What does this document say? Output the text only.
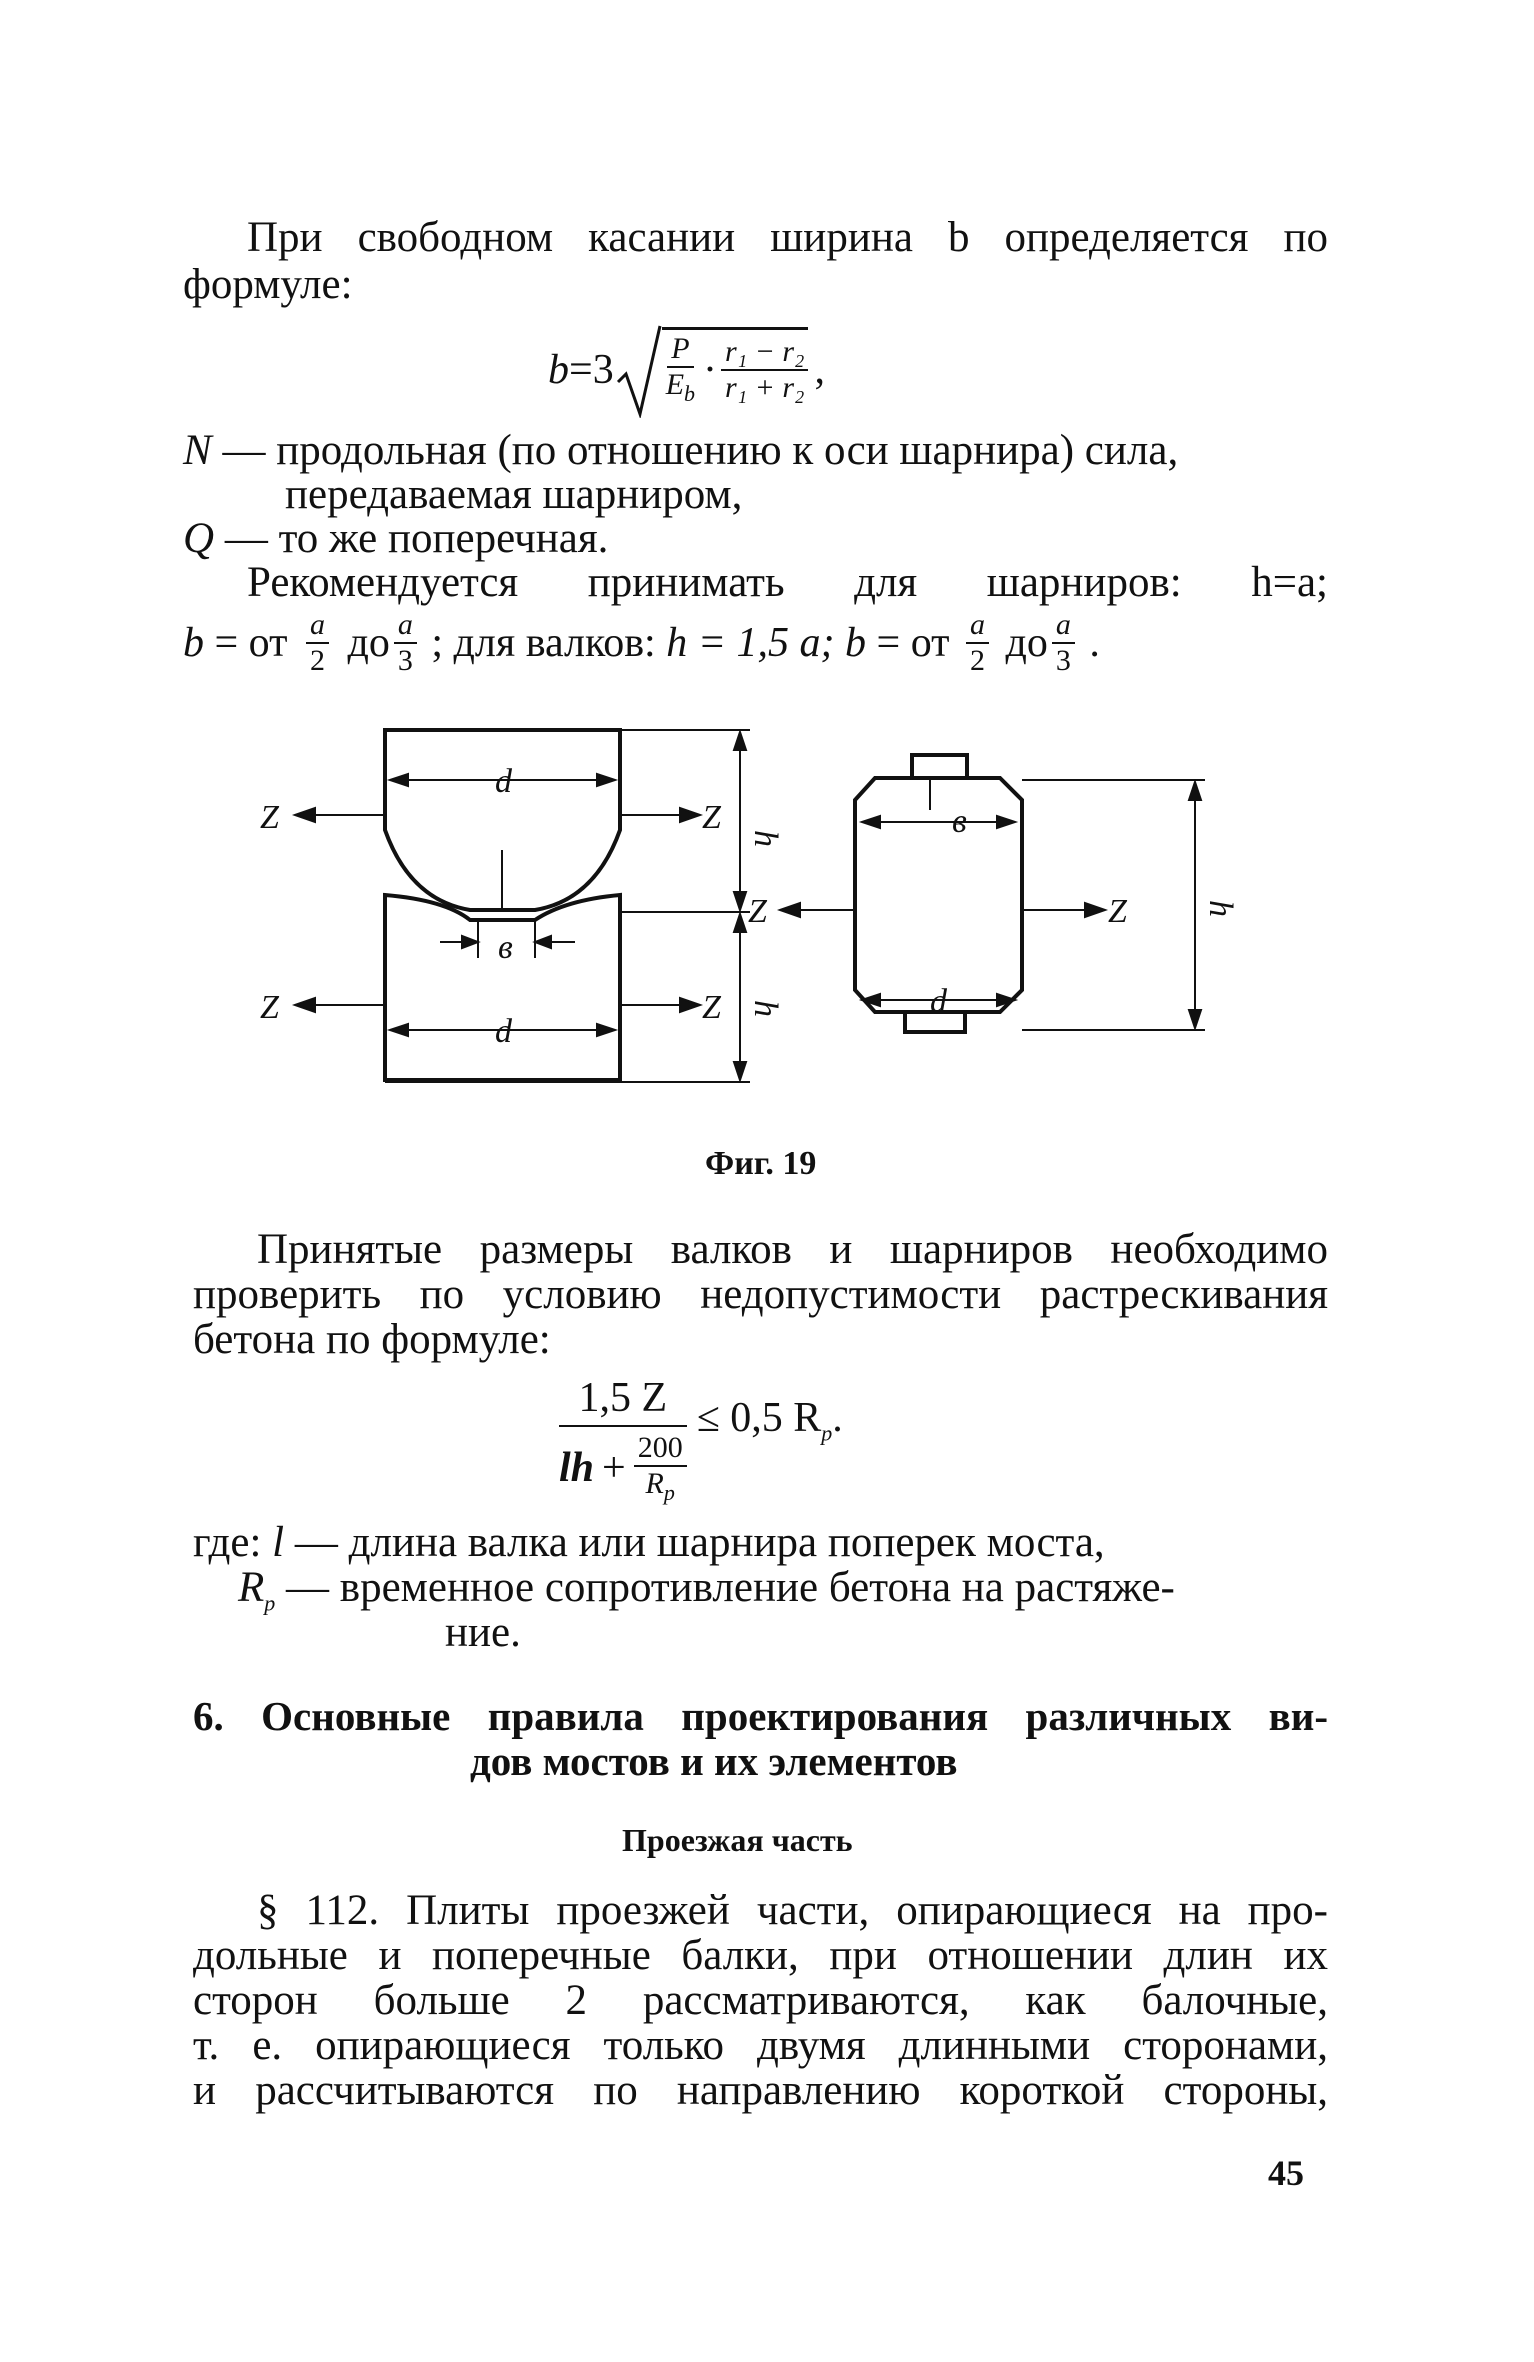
При свободном касании ширина b определяется по
формуле:
$b = 3 \frac{P}{E_b} \cdot \frac{\text{r₁ − r₂}}{\text{r₁ + r₂}}$ ,
N — продольная (по отношению к оси шарнира) сила,
передаваемая шарниром,
Q — то же поперечная.
Рекомендуется принимать для шарниров: h=a;
b = от $\frac{a}{2}$ до $\frac{a}{3}$ ; для валков: h = 1,5 a; b = от $\frac{a}{2}$ до $\frac{a}{3}$ .
d
d
в
h
h
Z	Z
Z	Z
Z	Z
в
d
h
Фиг. 19
Принятые размеры валков и шарниров необходимо
проверить по условию недопустимости растрескивания
бетона по формуле:
$\frac{1,5 Z}{lh + \frac{200}{R_p}} \le 0,5$ $R_p$.
где: l — длина валка или шарнира поперек моста,
$R_p$ — временное сопротивление бетона на растяже-
ние.
6. Основные правила проектирования различных ви-
дов мостов и их элементов
Проезжая часть
§ 112. Плиты проезжей части, опирающиеся на про-
дольные и поперечные балки, при отношении длин их
сторон больше 2 рассматриваются, как балочные,
т. е. опирающиеся только двумя длинными сторонами,
и рассчитываются по направлению короткой стороны,
45
